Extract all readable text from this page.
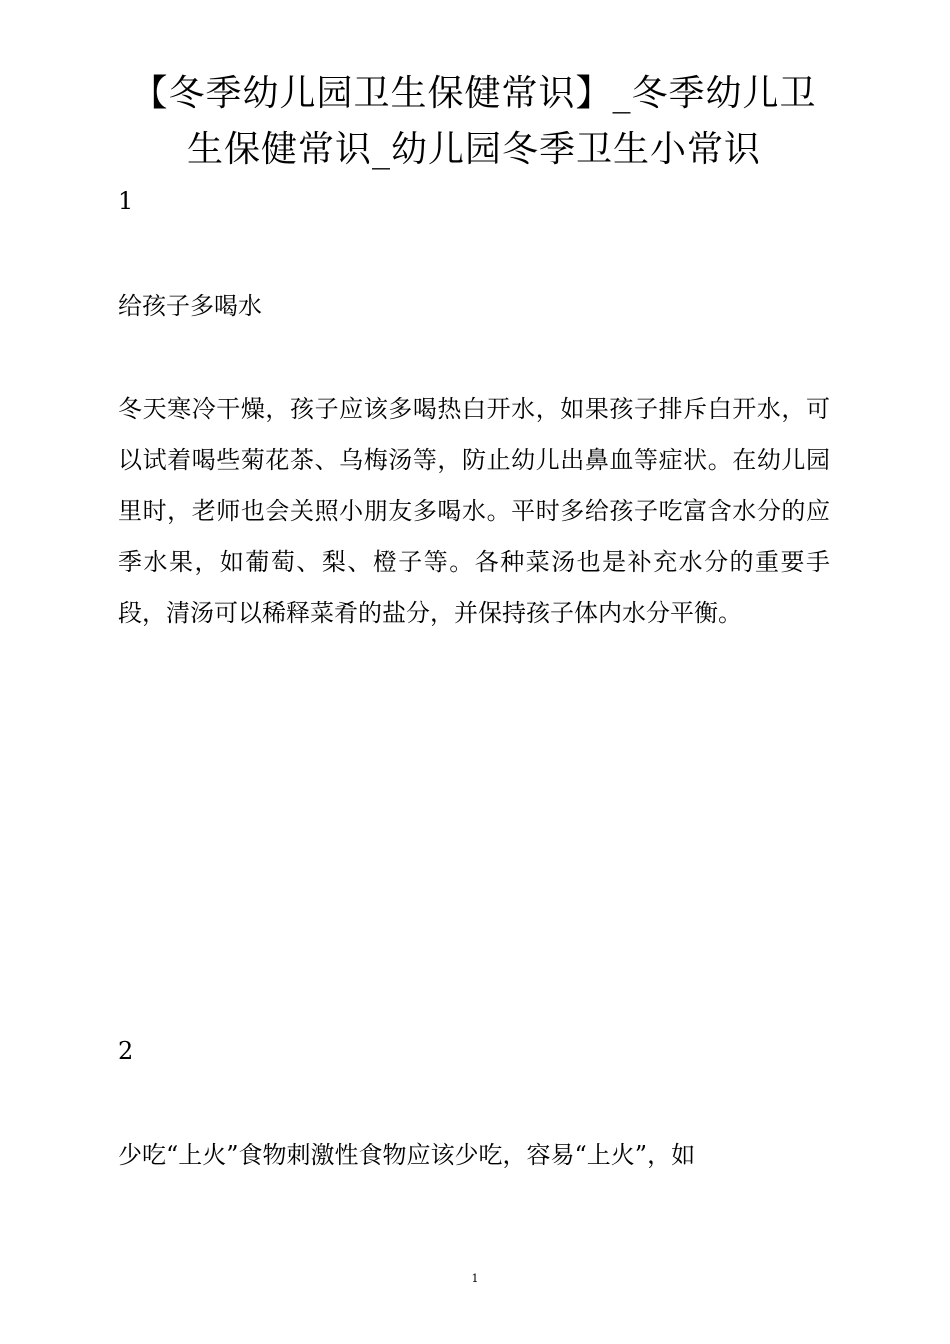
【冬季幼儿园卫生保健常识】_冬季幼儿卫生保健常识_幼儿园冬季卫生小常识

1

给孩子多喝水

冬天寒冷干燥，孩子应该多喝热白开水，如果孩子排斥白开水，可以试着喝些菊花茶、乌梅汤等，防止幼儿出鼻血等症状。在幼儿园里时，老师也会关照小朋友多喝水。平时多给孩子吃富含水分的应季水果，如葡萄、梨、橙子等。各种菜汤也是补充水分的重要手段，清汤可以稀释菜肴的盐分，并保持孩子体内水分平衡。

2

少吃“上火”食物刺激性食物应该少吃，容易“上火”，如

1
